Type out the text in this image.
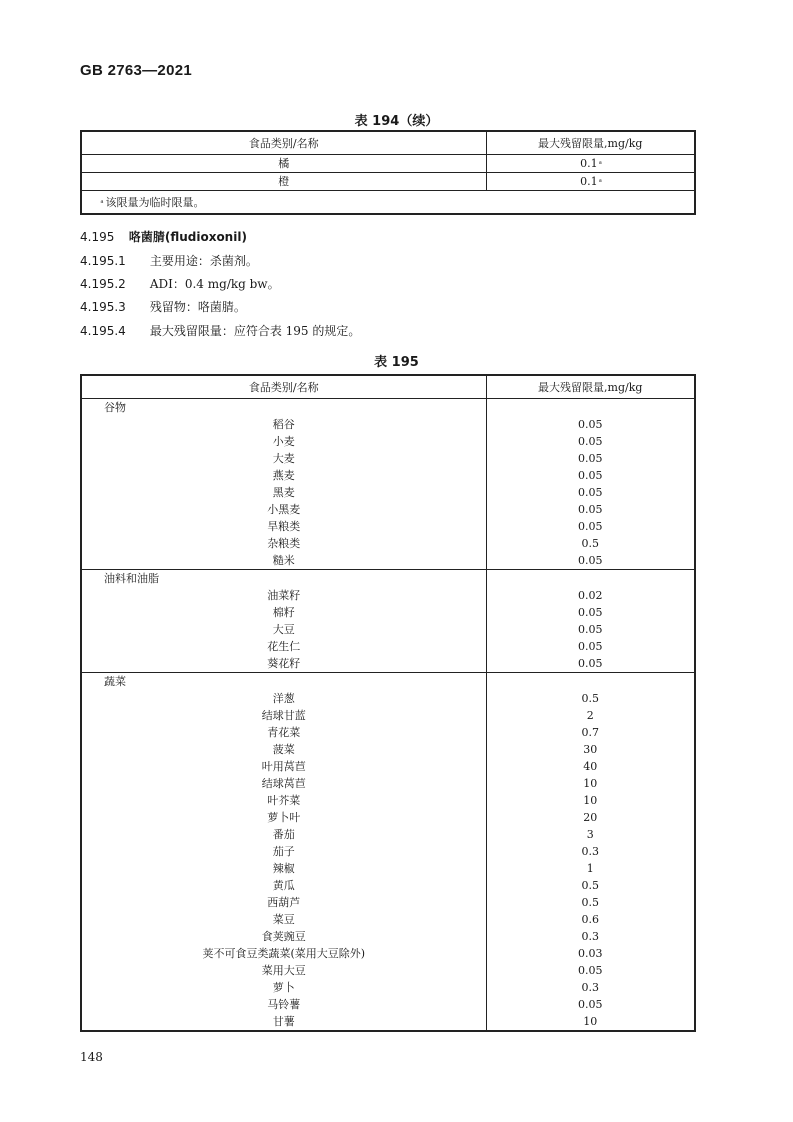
GB 2763—2021
表 194（续）
食品类别/名称	最大残留限量,mg/kg
橘	0.1 ͣ
橙	0.1 ͣ
ͣ 该限量为临时限量。	
4.195 咯菌腈(fludioxonil)
4.195.1 主要用途：杀菌剂。
4.195.2 ADI：0.4 mg/kg bw。
4.195.3 残留物：咯菌腈。
4.195.4 最大残留限量：应符合表 195 的规定。
表 195
食品类别/名称	最大残留限量,mg/kg
谷物	
稻谷	0.05
小麦	0.05
大麦	0.05
燕麦	0.05
黑麦	0.05
小黑麦	0.05
旱粮类	0.05
杂粮类	0.5
糙米	0.05
油料和油脂	
油菜籽	0.02
棉籽	0.05
大豆	0.05
花生仁	0.05
葵花籽	0.05
蔬菜	
洋葱	0.5
结球甘蓝	2
青花菜	0.7
菠菜	30
叶用莴苣	40
结球莴苣	10
叶芥菜	10
萝卜叶	20
番茄	3
茄子	0.3
辣椒	1
黄瓜	0.5
西葫芦	0.5
菜豆	0.6
食荚豌豆	0.3
荚不可食豆类蔬菜(菜用大豆除外)	0.03
菜用大豆	0.05
萝卜	0.3
马铃薯	0.05
甘薯	10
148
